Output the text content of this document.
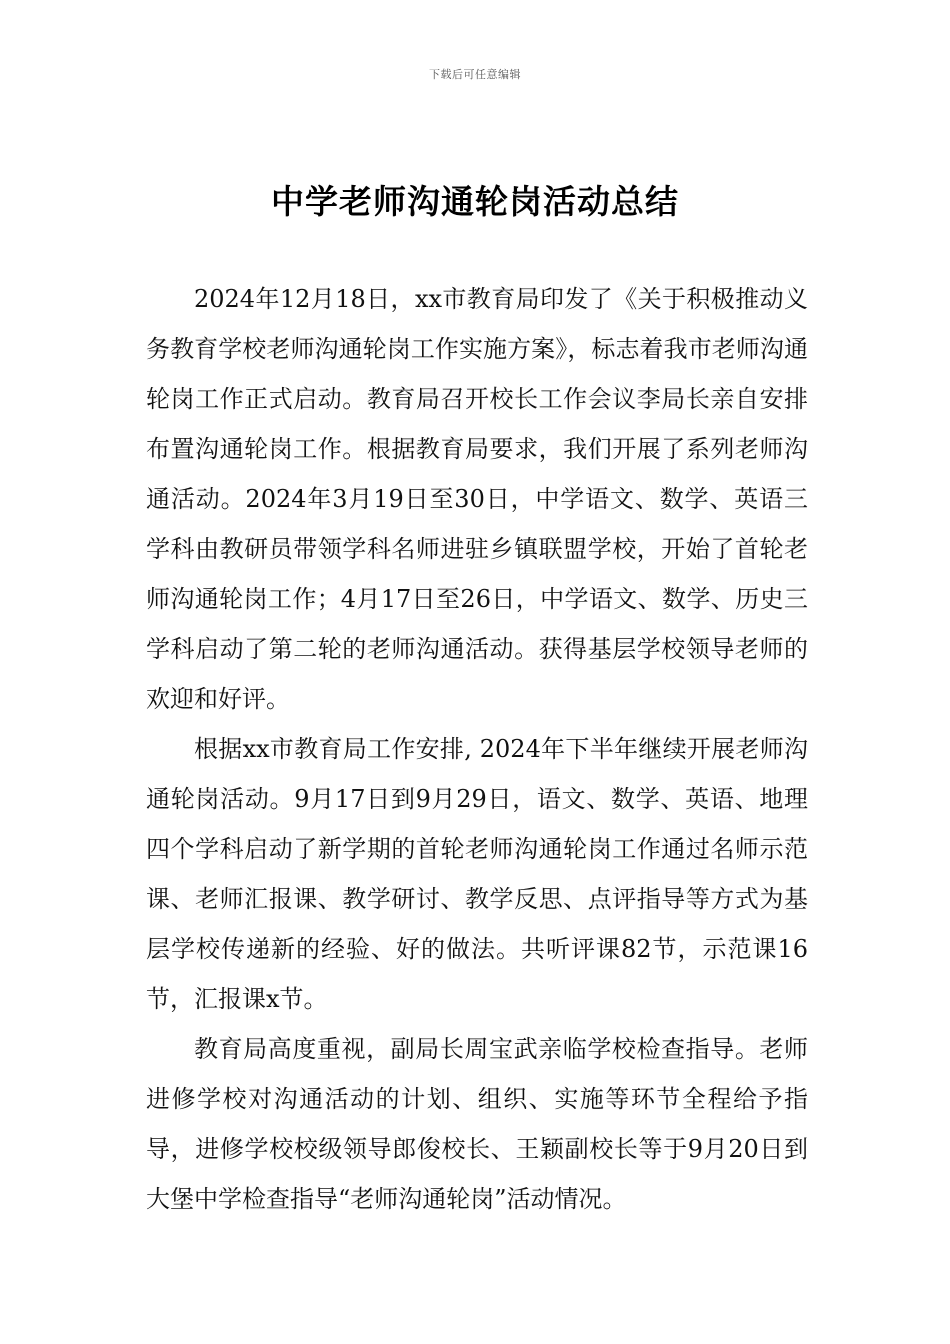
下载后可任意编辑
中学老师沟通轮岗活动总结

2024年12月18日，xx市教育局印发了《关于积极推动义务教育学校老师沟通轮岗工作实施方案》，标志着我市老师沟通轮岗工作正式启动。教育局召开校长工作会议李局长亲自安排布置沟通轮岗工作。根据教育局要求，我们开展了系列老师沟通活动。2024年3月19日至30日，中学语文、数学、英语三学科由教研员带领学科名师进驻乡镇联盟学校，开始了首轮老师沟通轮岗工作；4月17日至26日，中学语文、数学、历史三学科启动了第二轮的老师沟通活动。获得基层学校领导老师的欢迎和好评。

根据xx市教育局工作安排, 2024年下半年继续开展老师沟通轮岗活动。9月17日到9月29日，语文、数学、英语、地理四个学科启动了新学期的首轮老师沟通轮岗工作通过名师示范课、老师汇报课、教学研讨、教学反思、点评指导等方式为基层学校传递新的经验、好的做法。共听评课82节，示范课16节，汇报课x节。

教育局高度重视，副局长周宝武亲临学校检查指导。老师进修学校对沟通活动的计划、组织、实施等环节全程给予指导，进修学校校级领导郎俊校长、王颖副校长等于9月20日到大堡中学检查指导“老师沟通轮岗”活动情况。
